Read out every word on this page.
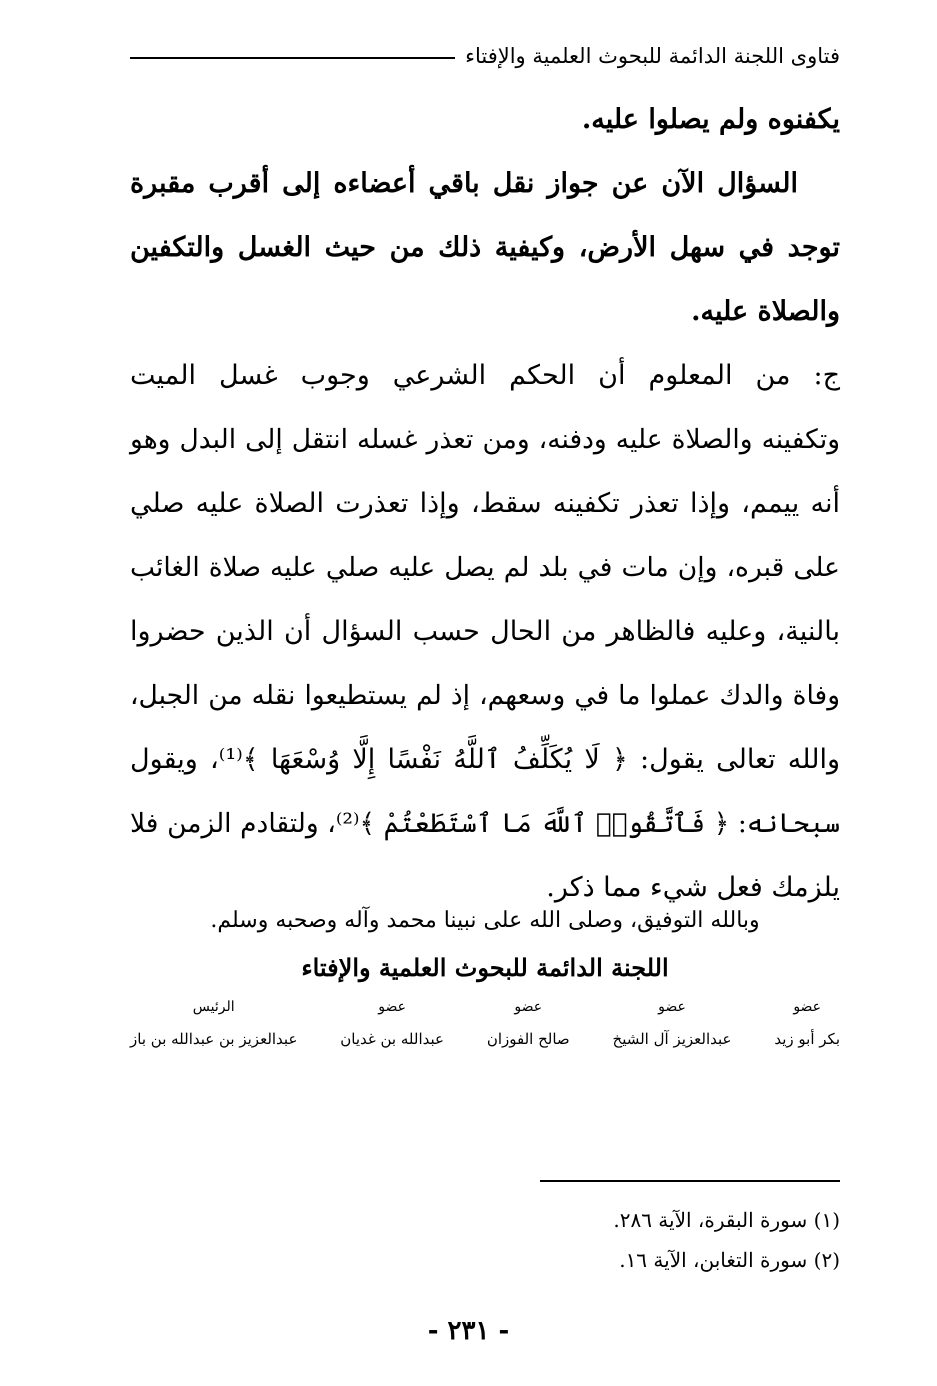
فتاوى اللجنة الدائمة للبحوث العلمية والإفتاء
يكفنوه ولم يصلوا عليه.
السؤال الآن عن جواز نقل باقي أعضاءه إلى أقرب مقبرة
توجد في سهل الأرض، وكيفية ذلك من حيث الغسل والتكفين
والصلاة عليه.
ج: من المعلوم أن الحكم الشرعي وجوب غسل الميت
وتكفينه والصلاة عليه ودفنه، ومن تعذر غسله انتقل إلى البدل وهو
أنه ييمم، وإذا تعذر تكفينه سقط، وإذا تعذرت الصلاة عليه صلي
على قبره، وإن مات في بلد لم يصل عليه صلي عليه صلاة الغائب
بالنية، وعليه فالظاهر من الحال حسب السؤال أن الذين حضروا
وفاة والدك عملوا ما في وسعهم، إذ لم يستطيعوا نقله من الجبل،
والله تعالى يقول: ﴿ لَا يُكَلِّفُ ٱللَّهُ نَفْسًا إِلَّا وُسْعَهَا ﴾⁽¹⁾، ويقول
سبحانه: ﴿ فَٱتَّقُوا۟ ٱللَّهَ مَا ٱسْتَطَعْتُمْ ﴾⁽²⁾، ولتقادم الزمن فلا
يلزمك فعل شيء مما ذكر.
وبالله التوفيق، وصلى الله على نبينا محمد وآله وصحبه وسلم.
اللجنة الدائمة للبحوث العلمية والإفتاء
عضو
بكر أبو زيد
عضو
عبدالعزيز آل الشيخ
عضو
صالح الفوزان
عضو
عبدالله بن غديان
الرئيس
عبدالعزيز بن عبدالله بن باز
(١) سورة البقرة، الآية ٢٨٦.
(٢) سورة التغابن، الآية ١٦.
- ٢٣١ -
